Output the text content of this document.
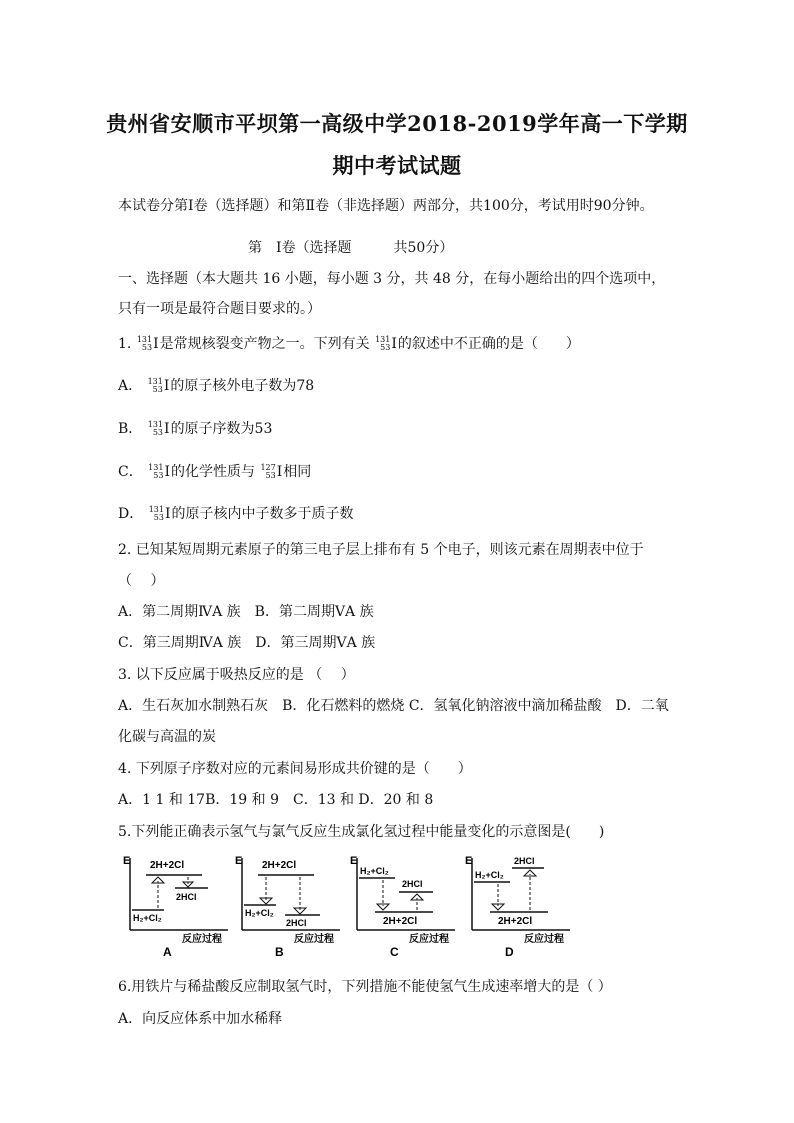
贵州省安顺市平坝第一高级中学2018-2019学年高一下学期
期中考试试题
本试卷分第Ⅰ卷（选择题）和第Ⅱ卷（非选择题）两部分，共100分，考试用时90分钟。
第　Ⅰ卷（选择题　　　共50分）
一、选择题（本大题共 16 小题，每小题 3 分，共 48 分，在每小题给出的四个选项中，
只有一项是最符合题目要求的。）
1. 131
53 I 是常规核裂变产物之一。下列有关 131
53 I 的叙述中不正确的是（　　）
A． 131
53 I 的原子核外电子数为78
B． 131
53 I 的原子序数为53
C． 131
53 I 的化学性质与 127
53 I 相同
D． 131
53 I 的原子核内中子数多于质子数
2. 已知某短周期元素原子的第三电子层上排布有 5 个电子，则该元素在周期表中位于
（　 ）
A．第二周期ⅣA 族　B．第二周期ⅤA 族
C．第三周期ⅣA 族　D．第三周期ⅤA 族
3. 以下反应属于吸热反应的是 （　 ）
A．生石灰加水制熟石灰　B．化石燃料的燃烧 C．氢氧化钠溶液中滴加稀盐酸　D．二氧
化碳与高温的炭
4. 下列原子序数对应的元素间易形成共价键的是（　　）
A．1 1 和 17B．19 和 9　C．13 和 D．20 和 8
5.下列能正确表示氢气与氯气反应生成氯化氢过程中能量变化的示意图是(　　)
E
H₂+Cl₂
2H+2Cl
2HCl
反应过程
A
E
H₂+Cl₂
2H+2Cl
2HCl
反应过程
B
E
H₂+Cl₂
2HCl
2H+2Cl
反应过程
C
E
H₂+Cl₂
2HCl
2H+2Cl
反应过程
D
6.用铁片与稀盐酸反应制取氢气时，下列措施不能使氢气生成速率增大的是（ ）
A．向反应体系中加水稀释
